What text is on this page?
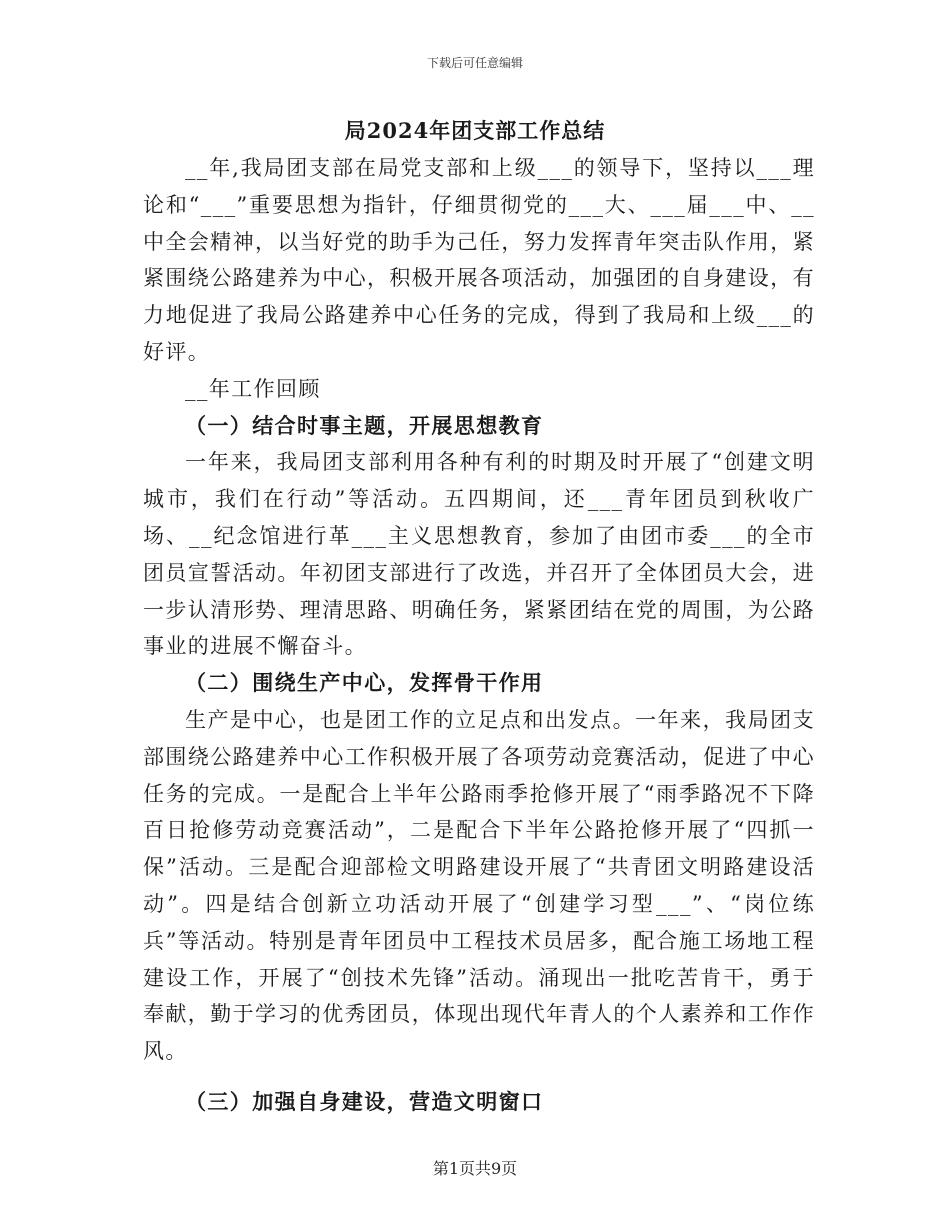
下载后可任意编辑
局2024年团支部工作总结

__年,我局团支部在局党支部和上级___的领导下，坚持以___理论和“___”重要思想为指针，仔细贯彻党的___大、___届___中、__中全会精神，以当好党的助手为己任，努力发挥青年突击队作用，紧紧围绕公路建养为中心，积极开展各项活动，加强团的自身建设，有力地促进了我局公路建养中心任务的完成，得到了我局和上级___的好评。

__年工作回顾

（一）结合时事主题，开展思想教育

一年来，我局团支部利用各种有利的时期及时开展了“创建文明城市，我们在行动”等活动。五四期间，还___青年团员到秋收广场、__纪念馆进行革___主义思想教育，参加了由团市委___的全市团员宣誓活动。年初团支部进行了改选，并召开了全体团员大会，进一步认清形势、理清思路、明确任务，紧紧团结在党的周围，为公路事业的进展不懈奋斗。

（二）围绕生产中心，发挥骨干作用

生产是中心，也是团工作的立足点和出发点。一年来，我局团支部围绕公路建养中心工作积极开展了各项劳动竞赛活动，促进了中心任务的完成。一是配合上半年公路雨季抢修开展了“雨季路况不下降百日抢修劳动竞赛活动”，二是配合下半年公路抢修开展了“四抓一保”活动。三是配合迎部检文明路建设开展了“共青团文明路建设活动”。四是结合创新立功活动开展了“创建学习型___”、“岗位练兵”等活动。特别是青年团员中工程技术员居多，配合施工场地工程建设工作，开展了“创技术先锋”活动。涌现出一批吃苦肯干，勇于奉献，勤于学习的优秀团员，体现出现代年青人的个人素养和工作作风。

（三）加强自身建设，营造文明窗口

第1页共9页
